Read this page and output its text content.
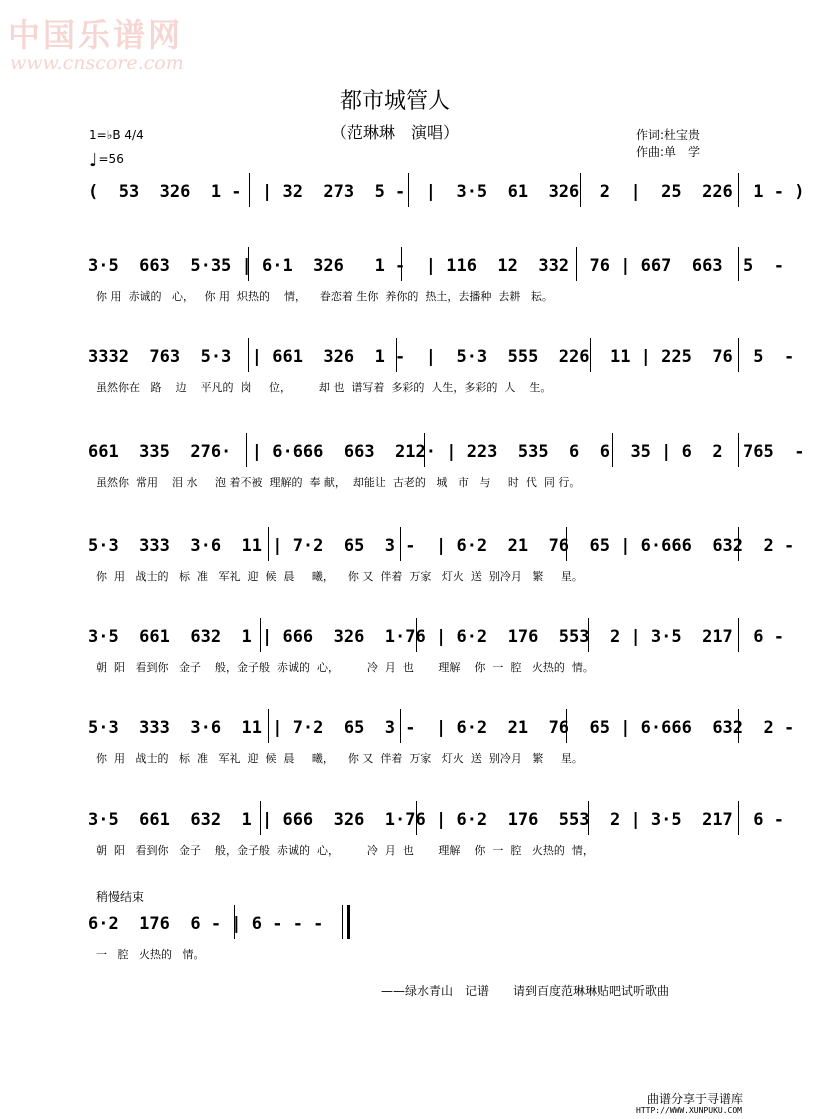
中国乐谱网
www.cnscore.com
都市城管人
（范琳琳　演唱）	作词:杜宝贵
作曲:单　学
1=♭B 4/4
♩=56
(  53  326  1 -  | 32  273  5 -  |  3·5  61  326  2  |  25  226  1 - )
3·5  663  5·35 | 6·1  326   1 -  | 116  12  332  76 | 667  663  5  -
你 用  赤诚的   心，   你 用  炽热的    情，    眷恋着 生你  养你的  热土，去播种  去耕   耘。
3332  763  5·3  | 661  326  1 -  |  5·3  555  226  11 | 225  76  5  -
虽然你在   路    边    平凡的  岗     位，        却 也  谱写着  多彩的  人生，多彩的  人    生。
661  335  276·  | 6·666  663  212· | 223  535  6  6  35 | 6  2  765  -
虽然你  常用    泪 水     泡 着不被  理解的  奉 献，  却能让  古老的   城   市   与     时  代  同 行。
5·3  333  3·6  11 | 7·2  65  3 -  | 6·2  21  76  65 | 6·666  632  2 -
你  用   战士的   标  准   军礼  迎  候  晨     曦，    你 又  伴着  万家   灯火  送  别冷月   繁     星。
3·5  661  632  1 | 666  326  1·76 | 6·2  176  553  2 | 3·5  217  6 -
朝  阳   看到你   金子    般，金子般  赤诚的  心，        冷  月  也       理解    你  一  腔   火热的  情。
5·3  333  3·6  11 | 7·2  65  3 -  | 6·2  21  76  65 | 6·666  632  2 -
你  用   战士的   标  准   军礼  迎  候  晨     曦，    你 又  伴着  万家   灯火  送  别冷月   繁     星。
3·5  661  632  1 | 666  326  1·76 | 6·2  176  553  2 | 3·5  217  6 -
朝  阳   看到你   金子    般，金子般  赤诚的  心，        冷  月  也       理解    你  一  腔   火热的  情，
稍慢结束
6·2  176  6 - | 6 - - -
一   腔   火热的   情。
——绿水青山　记谱　　请到百度范琳琳贴吧试听歌曲
曲谱分享于寻谱库
HTTP://WWW.XUNPUKU.COM
